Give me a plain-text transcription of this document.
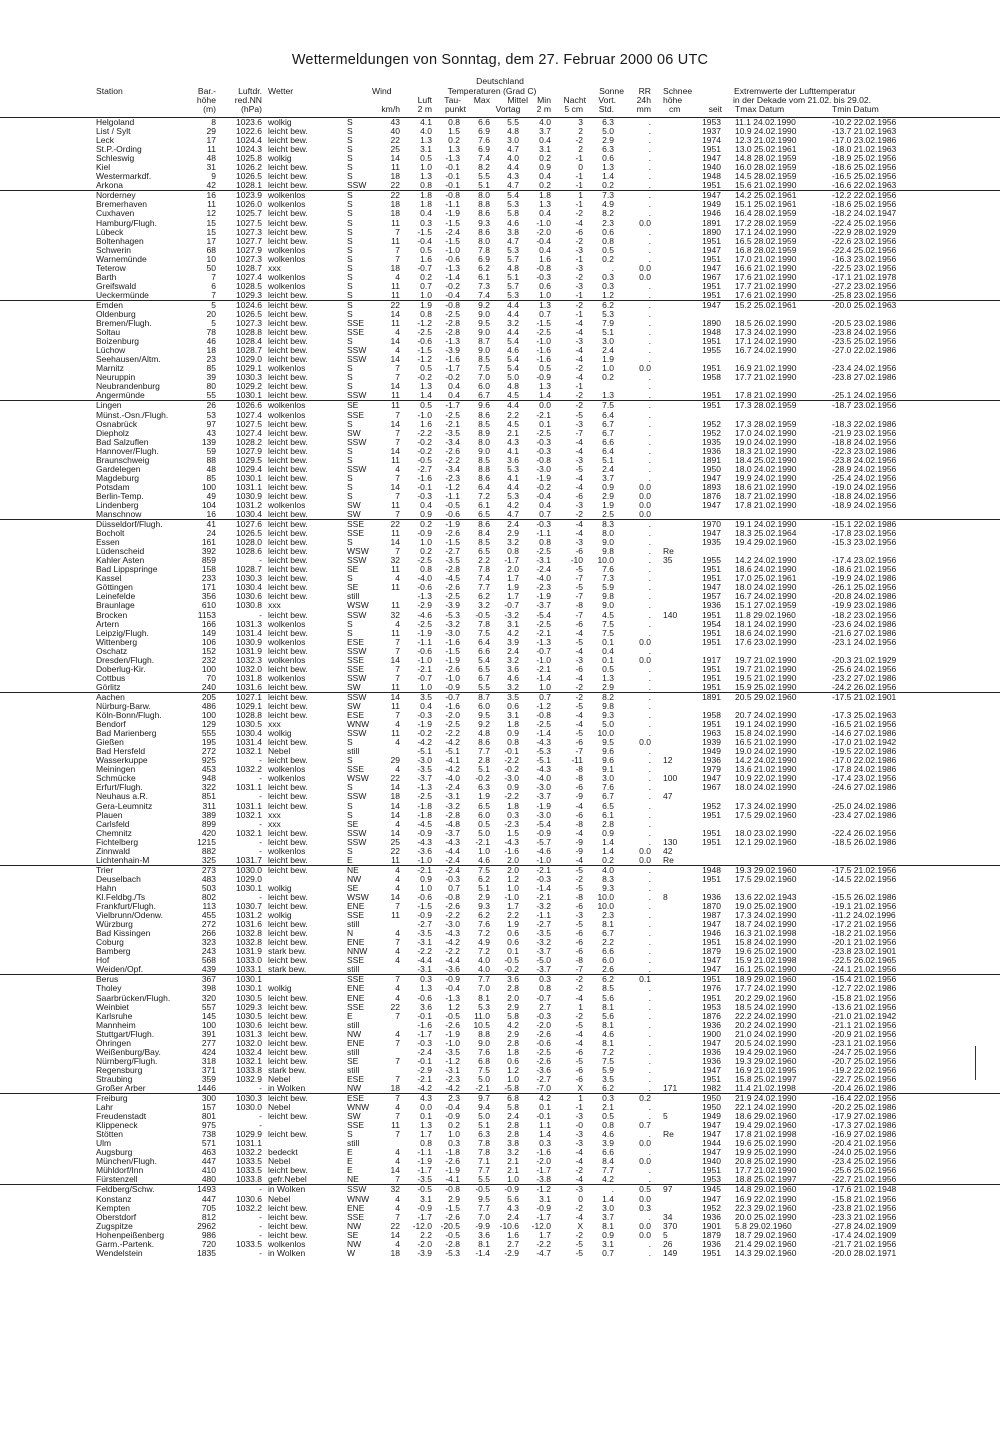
Wettermeldungen von Sonntag, dem 27. Februar 2000 06 UTC
Station	Bar.-
höhe
(m)
Luftdr.
red.NN
(hPa)
Wetter	Wind
km/h
Deutschland
Temperaturen (Grad C)
Luft
2 m
Tau-
punkt
Max
Vortag
Mittel Min
2 m
Nacht
5 cm
Sonne
Vort.
Std.
RR
24h
mm
Schnee
höhe
cm
Extremwerte der Lufttemperatur
in der Dekade vom 21.02. bis 29.02.
seit Tmax Datum	Tmin Datum
Helgoland	8 1023.6 wolkig	S	43 4.1 0.8 6.6 5.5 4.0	3 6.3	.	1953 11.1 24.02.1990	-10.2 22.02.1956
List / Sylt	29 1022.6 leicht bew.	S	40 4.0 1.5 6.9 4.8 3.7	2 5.0	.	1937 10.9 24.02.1990	-13.7 21.02.1963
Leck	17 1024.4 leicht bew.	S	22 1.3 0.2 7.6 3.0 0.4	-2 2.9	.	1974 12.3 21.02.1990	-17.0 23.02.1986
St.P.-Ording	11 1024.3 leicht bew.	S	25 3.1 1.3 6.9 4.7 3.1	2 6.3	.	1951 13.0 25.02.1961	-18.0 21.02.1963
Schleswig	48 1025.8 wolkig	S	14 0.5 -1.3 7.4 4.0 0.2	-1 0.6	.	1947 14.8 28.02.1959	-18.9 25.02.1956
Kiel	31 1026.2 leicht bew.	S	11 1.0 -0.1 8.2 4.4 0.9	0 1.3	.	1940 16.0 28.02.1959	-18.6 25.02.1956
Westermarkdf.	9 1026.5 leicht bew.	S	18 1.3 -0.1 5.5 4.3 0.4	-1 1.4	.	1948 14.5 28.02.1959	-16.5 25.02.1956
Arkona	42 1028.1 leicht bew.	SSW	22 0.8 -0.1 5.1 4.7 0.2	-1 0.2	.	1951 15.6 21.02.1990	-16.6 22.02.1963
Norderney	16 1023.9 wolkenlos	S	22 1.8 -0.8 8.0 5.4 1.8	1 7.3	.	1947 14.2 25.02.1961	-12.2 22.02.1956
Bremerhaven	11 1026.0 wolkenlos	S	18 1.8 -1.1 8.8 5.3 1.3	-1 4.9	.	1949 15.1 25.02.1961	-18.6 25.02.1956
Cuxhaven	12 1025.7 leicht bew.	S	18 0.4 -1.9 8.6 5.8 0.4	-2 8.2	.	1946 16.4 28.02.1959	-18.2 24.02.1947
Hamburg/Flugh.	15 1027.5 leicht bew.	S	11 0.3 -1.5 9.3 4.6 -1.0	-4 2.3	0.0	1891 17.2 28.02.1959	-22.4 25.02.1956
Lübeck	15 1027.3 leicht bew.	S	7 -1.5 -2.4 8.6 3.8 -2.0	-6 0.6	.	1890 17.1 24.02.1990	-22.9 28.02.1929
Boltenhagen	17 1027.7 leicht bew.	S	11 -0.4 -1.5 8.0 4.7 -0.4	-2 0.8	.	1951 16.5 28.02.1959	-22.6 23.02.1956
Schwerin	68 1027.9 wolkenlos	S	7 0.5 -1.0 7.8 5.3 0.4	-3 0.5	.	1947 16.8 28.02.1959	-22.4 25.02.1956
Warnemünde	10 1027.3 wolkenlos	S	7 1.6 -0.6 6.9 5.7 1.6	-1 0.2	.	1951 17.0 21.02.1990	-16.3 23.02.1956
Teterow	50 1028.7 xxx	S	18 -0.7 -1.3 6.2 4.8 -0.8	-3	.	0.0	1947 16.6 21.02.1990	-22.5 23.02.1956
Barth	7 1027.4 wolkenlos	S	4 0.2 -1.4 6.1 5.1 -0.3	-2 0.3	0.0	1967 17.6 21.02.1990	-17.1 21.02.1978
Greifswald	6 1028.5 wolkenlos	S	11 0.7 -0.2 7.3 5.7 0.6	-3 0.3	.	1951 17.7 21.02.1990	-27.2 23.02.1956
Ueckermünde	7 1029.3 leicht bew.	S	11 1.0 -0.4 7.4 5.3 1.0	-1 1.2	.	1951 17.6 21.02.1990	-25.8 23.02.1956
Emden	5 1024.6 leicht bew.	S	22 1.9 -0.8 9.2 4.4 1.3	-2 6.2	.	1947 15.2 25.02.1961	-20.0 25.02.1963
Oldenburg	20 1026.5 leicht bew.	S	14 0.8 -2.5 9.0 4.4 0.7	-1 5.3	.
Bremen/Flugh.	5 1027.3 leicht bew.	SSE	11 -1.2 -2.8 9.5 3.2 -1.5	-4 7.9	.	1890 18.5 26.02.1990	-20.5 23.02.1986
Soltau	78 1028.8 leicht bew.	SSE	4 -2.5 -2.8 9.0 4.4 -2.5	-4 5.1	.	1948 17.3 24.02.1990	-23.8 24.02.1956
Boizenburg	46 1028.4 leicht bew.	S	14 -0.6 -1.3 8.7 5.4 -1.0	-3 3.0	.	1951 17.1 24.02.1990	-23.5 25.02.1956
Lüchow	18 1028.7 leicht bew.	SSW	4 -1.5 -3.9 9.0 4.6 -1.6	-4 2.4	.	1955 16.7 24.02.1990	-27.0 22.02.1986
Seehausen/Altm.	23 1029.0 leicht bew.	SSW	14 -1.2 -1.6 8.5 5.4 -1.6	-4 1.9	.
Marnitz	85 1029.1 wolkenlos	S	7 0.5 -1.7 7.5 5.4 0.5	-2 1.0	0.0	1951 16.9 21.02.1990	-23.4 24.02.1956
Neuruppin	39 1030.3 leicht bew.	S	7 -0.2 -0.2 7.0 5.0 -0.9	-4 0.2	.	1958 17.7 21.02.1990	-23.8 27.02.1986
Neubrandenburg	80 1029.2 leicht bew.	S	14 1.3 0.4 6.0 4.8 1.3	-1	.
Angermünde	55 1030.1 leicht bew.	SSW	11 1.4 0.4 6.7 4.5 1.4	-2 1.3	.	1951 17.8 21.02.1990	-25.1 24.02.1956
Lingen	26 1026.6 wolkenlos	SE	11 0.5 -1.7 9.6 4.4 0.0	-2 7.5	.	1951 17.3 28.02.1959	-18.7 23.02.1956
Münst.-Osn./Flugh.	53 1027.4 wolkenlos	SSE	7 -1.0 -2.5 8.6 2.2 -2.1	-5 6.4	.
Osnabrück	97 1027.5 leicht bew.	S	14 1.6 -2.1 8.5 4.5 0.1	-3 6.7	.	1952 17.3 28.02.1959	-18.3 22.02.1986
Diepholz	43 1027.4 leicht bew.	SW	7 -2.2 -3.5 8.9 2.1 -2.5	-7 6.7	.	1952 17.0 24.02.1990	-21.9 23.02.1956
Bad Salzuflen	139 1028.2 leicht bew.	SSW	7 -0.2 -3.4 8.0 4.3 -0.3	-4 6.6	.	1935 19.0 24.02.1990	-18.8 24.02.1956
Hannover/Flugh.	59 1027.9 leicht bew.	S	14 -0.2 -2.6 9.0 4.1 -0.3	-4 6.4	.	1936 18.3 21.02.1990	-22.3 23.02.1986
Braunschweig	88 1029.5 leicht bew.	S	11 -0.5 -2.2 8.5 3.6 -0.8	-3 5.1	.	1891 18.4 25.02.1990	-23.8 24.02.1956
Gardelegen	48 1029.4 leicht bew.	SSW	4 -2.7 -3.4 8.8 5.3 -3.0	-5 2.4	.	1950 18.0 24.02.1990	-28.9 24.02.1956
Magdeburg	85 1030.1 leicht bew.	S	7 -1.6 -2.3 8.6 4.1 -1.9	-4 3.7	.	1947 19.9 24.02.1990	-25.4 24.02.1956
Potsdam	100 1031.1 leicht bew.	S	14 -0.1 -1.2 6.4 4.4 -0.2	-4 0.9	0.0	1893 18.6 21.02.1990	-19.0 24.02.1956
Berlin-Temp.	49 1030.9 leicht bew.	S	7 -0.3 -1.1 7.2 5.3 -0.4	-6 2.9	0.0	1876 18.7 21.02.1990	-18.8 24.02.1956
Lindenberg	104 1031.2 wolkenlos	SW	11 0.4 -0.5 6.1 4.2 0.4	-3 1.9	0.0	1947 17.8 21.02.1990	-18.9 24.02.1956
Manschnow	16 1030.4 leicht bew.	SW	7 0.9 -0.6 6.5 4.7 0.7	-2 2.5	0.0
Düsseldorf/Flugh.	41 1027.6 leicht bew.	SSE	22 0.2 -1.9 8.6 2.4 -0.3	-4 8.3	.	1970 19.1 24.02.1990	-15.1 22.02.1986
Bocholt	24 1026.5 leicht bew.	SSE	11 -0.9 -2.6 8.4 2.9 -1.1	-4 8.0	.	1947 18.3 25.02.1964	-17.8 23.02.1956
Essen	161 1028.0 leicht bew.	S	14 1.0 -1.5 8.5 3.2 0.8	-3 9.0	.	1935 19.4 29.02.1960	-15.3 23.02.1956
Lüdenscheid	392 1028.6 leicht bew.	WSW	7 0.2 -2.7 6.5 0.8 -2.5	-6 9.8	. Re
Kahler Asten	859	- leicht bew.	SSW	32 -2.5 -3.5 2.2 -1.7 -3.1 -10 10.0	. 35	1955 14.2 24.02.1990	-17.4 23.02.1956
Bad Lippspringe	158 1028.7 leicht bew.	SE	11 0.8 -2.8 7.8 2.0 -2.4	-5 7.6	.	1951 18.6 24.02.1990	-18.6 21.02.1956
Kassel	233 1030.3 leicht bew.	S	4 -4.0 -4.5 7.4 1.7 -4.0	-7 7.3	.	1951 17.0 25.02.1961	-19.9 24.02.1986
Göttingen	171 1030.4 leicht bew.	SE	11 -0.6 -2.6 7.7 1.9 -2.3	-5 5.9	.	1947 18.0 24.02.1990	-26.1 25.02.1956
Leinefelde	356 1030.6 leicht bew.	still	-1.3 -2.5 6.2 1.7 -1.9	-7 9.8	.	1957 16.7 24.02.1990	-20.8 24.02.1986
Braunlage	610 1030.8 xxx	WSW	11 -2.9 -3.9 3.2 -0.7 -3.7	-8 9.0	.	1936 15.1 27.02.1959	-19.9 23.02.1986
Brocken	1153	- leicht bew.	SSW	32 -4.6 -5.3 -0.5 -3.2 -5.4	-7 4.5	. 140	1951 11.8 29.02.1960	-18.2 23.02.1956
Artern	166 1031.3 wolkenlos	S	4 -2.5 -3.2 7.8 3.1 -2.5	-6 7.5	.	1954 18.1 24.02.1990	-23.6 24.02.1986
Leipzig/Flugh.	149 1031.4 leicht bew.	S	11 -1.9 -3.0 7.5 4.2 -2.1	-4 7.5	.	1951 18.6 24.02.1990	-21.6 27.02.1986
Wittenberg	106 1030.9 wolkenlos	ESE	7 -1.1 -1.6 6.4 3.9 -1.3	-5 0.1	0.0	1951 17.6 23.02.1990	-23.1 24.02.1956
Oschatz	152 1031.9 leicht bew.	SSW	7 -0.6 -1.5 6.6 2.4 -0.7	-4 0.4	.
Dresden/Flugh.	232 1032.3 wolkenlos	SSE	14 -1.0 -1.9 5.4 3.2 -1.0	-3 0.1	0.0	1917 19.7 21.02.1990	-20.3 21.02.1929
Doberlug-Kir.	100 1032.0 leicht bew.	SSE	7 -2.1 -2.6 6.5 3.6 -2.1	-6 0.5	.	1951 19.7 21.02.1990	-25.6 24.02.1956
Cottbus	70 1031.8 wolkenlos	SSW	7 -0.7 -1.0 6.7 4.6 -1.4	-4 1.3	.	1951 19.5 21.02.1990	-23.2 27.02.1986
Görlitz	240 1031.6 leicht bew.	SW	11 1.0 -0.9 5.5 3.2 1.0	-2 2.9	.	1951 15.9 25.02.1990	-24.2 26.02.1956
Aachen	205 1027.1 leicht bew.	SSW	14 3.5 -0.7 8.7 3.5 0.7	-2 8.2	.	1891 20.5 29.02.1960	-17.5 21.02.1901
Nürburg-Barw.	486 1029.1 leicht bew.	SW	11 0.4 -1.6 6.0 0.6 -1.2	-5 9.8	.
Köln-Bonn/Flugh.	100 1028.8 leicht bew.	ESE	7 -0.3 -2.0 9.5 3.1 -0.8	-4 9.3	.	1958 20.7 24.02.1990	-17.3 25.02.1963
Bendorf	129 1030.5 xxx	WNW	4 -1.9 -2.5 9.2 1.8 -2.5	-4 5.0	.	1951 19.1 24.02.1990	-16.5 21.02.1956
Bad Marienberg	555 1030.4 wolkig	SSW	11 -0.2 -2.2 4.8 0.9 -1.4	-5 10.0	.	1963 15.8 24.02.1990	-14.6 27.02.1986
Gießen	195 1031.4 leicht bew.	S	4 -4.2 -4.2 8.6 0.8 -4.3	-6 9.5	0.0	1939 16.5 21.02.1990	-17.0 21.02.1942
Bad Hersfeld	272 1032.1 Nebel	still	-5.1 -5.1 7.7 -0.1 -5.3	-7 9.6	.	1949 19.0 24.02.1990	-19.5 22.02.1986
Wasserkuppe	925	- leicht bew.	S	29 -3.0 -4.1 2.8 -2.2 -5.1 -11 9.6	. 12	1936 14.2 24.02.1990	-17.0 22.02.1986
Meiningen	453 1032.2 wolkenlos	SSE	4 -3.5 -4.2 5.1 -0.2 -4.3	-8 9.1	.	1979 13.6 21.02.1990	-17.8 24.02.1986
Schmücke	948	- wolkenlos	WSW	22 -3.7 -4.0 -0.2 -3.0 -4.0	-8 3.0	. 100	1947 10.9 22.02.1990	-17.4 23.02.1956
Erfurt/Flugh.	322 1031.1 leicht bew.	S	14 -1.3 -2.4 6.3 0.9 -3.0	-6 7.6	.	1967 18.0 24.02.1990	-24.6 27.02.1986
Neuhaus a.R.	851	- leicht bew.	SSW	18 -2.5 -3.1 1.9 -2.2 -3.7	-9 6.7	. 47
Gera-Leumnitz	311 1031.1 leicht bew.	S	14 -1.8 -3.2 6.5 1.8 -1.9	-4 6.5	.	1952 17.3 24.02.1990	-25.0 24.02.1986
Plauen	389 1032.1 xxx	S	14 -1.8 -2.8 6.0 0.3 -3.0	-6 6.1	.	1951 17.5 29.02.1960	-23.4 27.02.1986
Carlsfeld	899	- xxx	SE	4 -4.5 -4.8 0.5 -2.3 -5.4	-8 2.8	.
Chemnitz	420 1032.1 leicht bew.	SSW	14 -0.9 -3.7 5.0 1.5 -0.9	-4 0.9	.	1951 18.0 23.02.1990	-22.4 26.02.1956
Fichtelberg	1215	- leicht bew.	SSW	25 -4.3 -4.3 -2.1 -4.3 -5.7	-9 1.4	. 130	1951 12.1 29.02.1960	-18.5 26.02.1986
Zinnwald	882	- wolkenlos	S	22 -3.6 -4.4 1.0 -1.6 -4.6	-9 1.4	0.0 42
Lichtenhain-M	325 1031.7 leicht bew.	E	11 -1.0 -2.4 4.6 2.0 -1.0	-4 0.2	0.0 Re
Trier	273 1030.0 leicht bew.	NE	4 -2.1 -2.4 7.5 2.0 -2.1	-5 4.0	.	1948 19.3 29.02.1960	-17.5 21.02.1956
Deuselbach	483 1029.0	NW	4 0.9 -0.3 6.2 1.2 -0.3	-2 8.3	.	1951 17.5 29.02.1960	-14.5 22.02.1956
Hahn	503 1030.1 wolkig	SE	4 1.0 0.7 5.1 1.0 -1.4	-5 9.3	.
Kl.Feldbg./Ts	802	- leicht bew.	WSW	14 -0.6 -0.8 2.9 -1.0 -2.1	-8 10.0	. 8	1936 13.6 22.02.1943	-15.5 26.02.1986
Frankfurt/Flugh.	113 1030.7 leicht bew.	ENE	7 -1.5 -2.6 9.3 1.7 -3.2	-6 10.0	.	1870 19.0 25.02.1900	-19.1 21.02.1956
Vielbrunn/Odenw.	455 1031.2 wolkig	SSE	11 -0.9 -2.2 6.2 2.2 -1.1	-3 2.3	.	1987 17.3 24.02.1990	-11.2 24.02.1996
Würzburg	272 1031.6 leicht bew.	still	-2.7 -3.0 7.6 1.9 -2.7	-5 8.1	.	1947 18.7 24.02.1990	-17.2 21.02.1956
Bad Kissingen	266 1032.8 leicht bew.	N	4 -3.5 -4.3 7.2 0.6 -3.5	-6 6.7	.	1946 16.3 21.02.1998	-18.2 21.02.1956
Coburg	323 1032.8 leicht bew.	ENE	7 -3.1 -4.2 4.9 0.6 -3.2	-6 2.2	.	1951 15.8 24.02.1990	-20.1 21.02.1956
Bamberg	243 1031.9 stark bew.	NNW	4 -2.2 -2.2 7.2 0.1 -3.7	-6 6.6	.	1879 19.6 25.02.1900	-23.8 23.02.1901
Hof	568 1033.0 leicht bew.	SSE	4 -4.4 -4.4 4.0 -0.5 -5.0	-8 6.0	.	1947 15.9 21.02.1998	-22.5 26.02.1965
Weiden/Opf.	439 1033.1 stark bew.	still	-3.1 -3.6 4.0 -0.2 -3.7	-7 2.6	.	1947 16.1 25.02.1990	-24.1 21.02.1956
Berus	367 1030.1	SSE	7 0.3 -0.9 7.7 3.6 0.3	-2 6.2	0.1	1951 18.9 29.02.1960	-15.4 21.02.1956
Tholey	398 1030.1 wolkig	ENE	4 1.3 -0.4 7.0 2.8 0.8	-2 8.5	.	1976 17.7 24.02.1990	-12.7 22.02.1986
Saarbrücken/Flugh.	320 1030.5 leicht bew.	ENE	4 -0.6 -1.3 8.1 2.0 -0.7	-4 5.6	.	1951 20.2 29.02.1960	-15.8 21.02.1956
Weinbiet	557 1029.3 leicht bew.	SSE	22 3.6 1.2 5.3 2.9 2.7	1 8.1	.	1953 18.5 24.02.1990	-13.6 21.02.1956
Karlsruhe	145 1030.5 leicht bew.	E	7 -0.1 -0.5 11.0 5.8 -0.3	-2 5.6	.	1876 22.2 24.02.1990	-21.0 21.02.1942
Mannheim	100 1030.6 leicht bew.	still	-1.6 -2.6 10.5 4.2 -2.0	-5 8.1	.	1936 20.2 24.02.1990	-21.1 21.02.1956
Stuttgart/Flugh.	391 1031.3 leicht bew.	NW	4 -1.7 -1.9 8.8 2.9 -2.6	-4 4.6	.	1900 21.0 24.02.1990	-20.9 21.02.1956
Öhringen	277 1032.0 leicht bew.	ENE	7 -0.3 -1.0 9.0 2.8 -0.6	-4 8.1	.	1947 20.5 24.02.1990	-23.1 21.02.1956
Weißenburg/Bay.	424 1032.4 leicht bew.	still	-2.4 -3.5 7.6 1.8 -2.5	-6 7.2	.	1936 19.4 29.02.1960	-24.7 25.02.1956
Nürnberg/Flugh.	318 1032.1 leicht bew.	SE	7 -0.1 -1.2 6.8 0.6 -2.6	-5 7.5	.	1936 19.3 29.02.1960	-20.7 25.02.1956
Regensburg	371 1033.8 stark bew.	still	-2.9 -3.1 7.5 1.2 -3.6	-6 5.9	.	1947 16.9 21.02.1995	-19.2 22.02.1956
Straubing	359 1032.9 Nebel	ESE	7 -2.1 -2.3 5.0 1.0 -2.7	-6 3.5	.	1951 15.8 25.02.1997	-22.7 25.02.1956
Großer Arber	1446	- in Wolken	NW	18 -4.2 -4.2 -2.1 -5.8 -7.0	X 6.2	. 171	1982 11.4 21.02.1998	-20.4 26.02.1986
Freiburg	300 1030.3 leicht bew.	ESE	7 4.3 2.3 9.7 6.8 4.2	1 0.3	0.2	1950 21.9 24.02.1990	-16.4 22.02.1956
Lahr	157 1030.0 Nebel	WNW	4 0.0 -0.4 9.4 5.8 0.1	-1 2.1	.	1950 22.1 24.02.1990	-20.2 25.02.1986
Freudenstadt	801	- leicht bew.	SW	7 0.1 -0.9 5.0 2.4 -0.1	-3 0.5	. 5	1949 18.6 29.02.1960	-17.9 27.02.1986
Klippeneck	975	-	SSE	11 1.3 0.2 5.1 2.8 1.1	-0 0.8	0.7	1947 19.4 29.02.1960	-17.3 27.02.1986
Stötten	738 1029.9 leicht bew.	S	7 1.7 1.0 6.3 2.8 1.4	-3 4.6	. Re	1947 17.8 21.02.1998	-16.9 27.02.1986
Ulm	571 1031.1	still	0.8 0.3 7.8 3.8 0.3	-3 3.9	0.0	1944 19.6 25.02.1990	-20.4 21.02.1956
Augsburg	463 1032.2 bedeckt	E	4 -1.1 -1.8 7.8 3.2 -1.6	-4 6.6	.	1947 19.9 25.02.1990	-24.0 25.02.1956
München/Flugh.	447 1033.5 Nebel	E	4 -1.9 -2.6 7.1 2.1 -2.0	-4 8.4	0.0	1940 20.8 25.02.1990	-23.4 25.02.1956
Mühldorf/Inn	410 1033.5 leicht bew.	E	14 -1.7 -1.9 7.7 2.1 -1.7	-2 7.7	.	1951 17.7 21.02.1990	-25.6 25.02.1956
Fürstenzell	480 1033.8 gefr.Nebel	NE	7 -3.5 -4.1 5.5 1.0 -3.8	-4 4.2	.	1953 18.8 25.02.1997	-22.7 21.02.1956
Feldberg/Schw.	1493	- in Wolken	SSW	32 -0.5 -0.8 -0.5 -0.9 -1.2	-3	.	0.5 97	1945 14.8 29.02.1960	-17.6 21.02.1948
Konstanz	447 1030.6 Nebel	WNW	4 3.1 2.9 9.5 5.6 3.1	0 1.4	0.0	1947 16.9 22.02.1990	-15.8 21.02.1956
Kempten	705 1032.2 leicht bew.	ENE	4 -0.9 -1.5 7.7 4.3 -0.9	-2 3.0	0.3	1952 22.3 29.02.1960	-23.8 21.02.1956
Oberstdorf	812	- leicht bew.	SSE	7 -1.7 -2.6 7.0 2.4 -1.7	-4 3.7	. 34	1936 20.0 25.02.1990	-23.3 21.02.1956
Zugspitze	2962	- leicht bew.	NW	22 -12.0 -20.5 -9.9 -10.6 -12.0	X 8.1	0.0 370	1901 5.8 29.02.1960	-27.8 24.02.1909
Hohenpeißenberg	986	- leicht bew.	SE	14 2.2 -0.5 3.6 1.6 1.7	-2 0.9	0.0 5	1879 18.7 29.02.1960	-17.4 24.02.1909
Garm.-Partenk.	720 1033.5 wolkenlos	NW	4 -2.0 -2.8 8.1 2.7 -2.2	-5 3.1	. 26	1936 21.4 29.02.1960	-21.7 21.02.1956
Wendelstein	1835	- in Wolken	W	18 -3.9 -5.3 -1.4 -2.9 -4.7	-5 0.7	. 149	1951 14.3 29.02.1960	-20.0 28.02.1971
